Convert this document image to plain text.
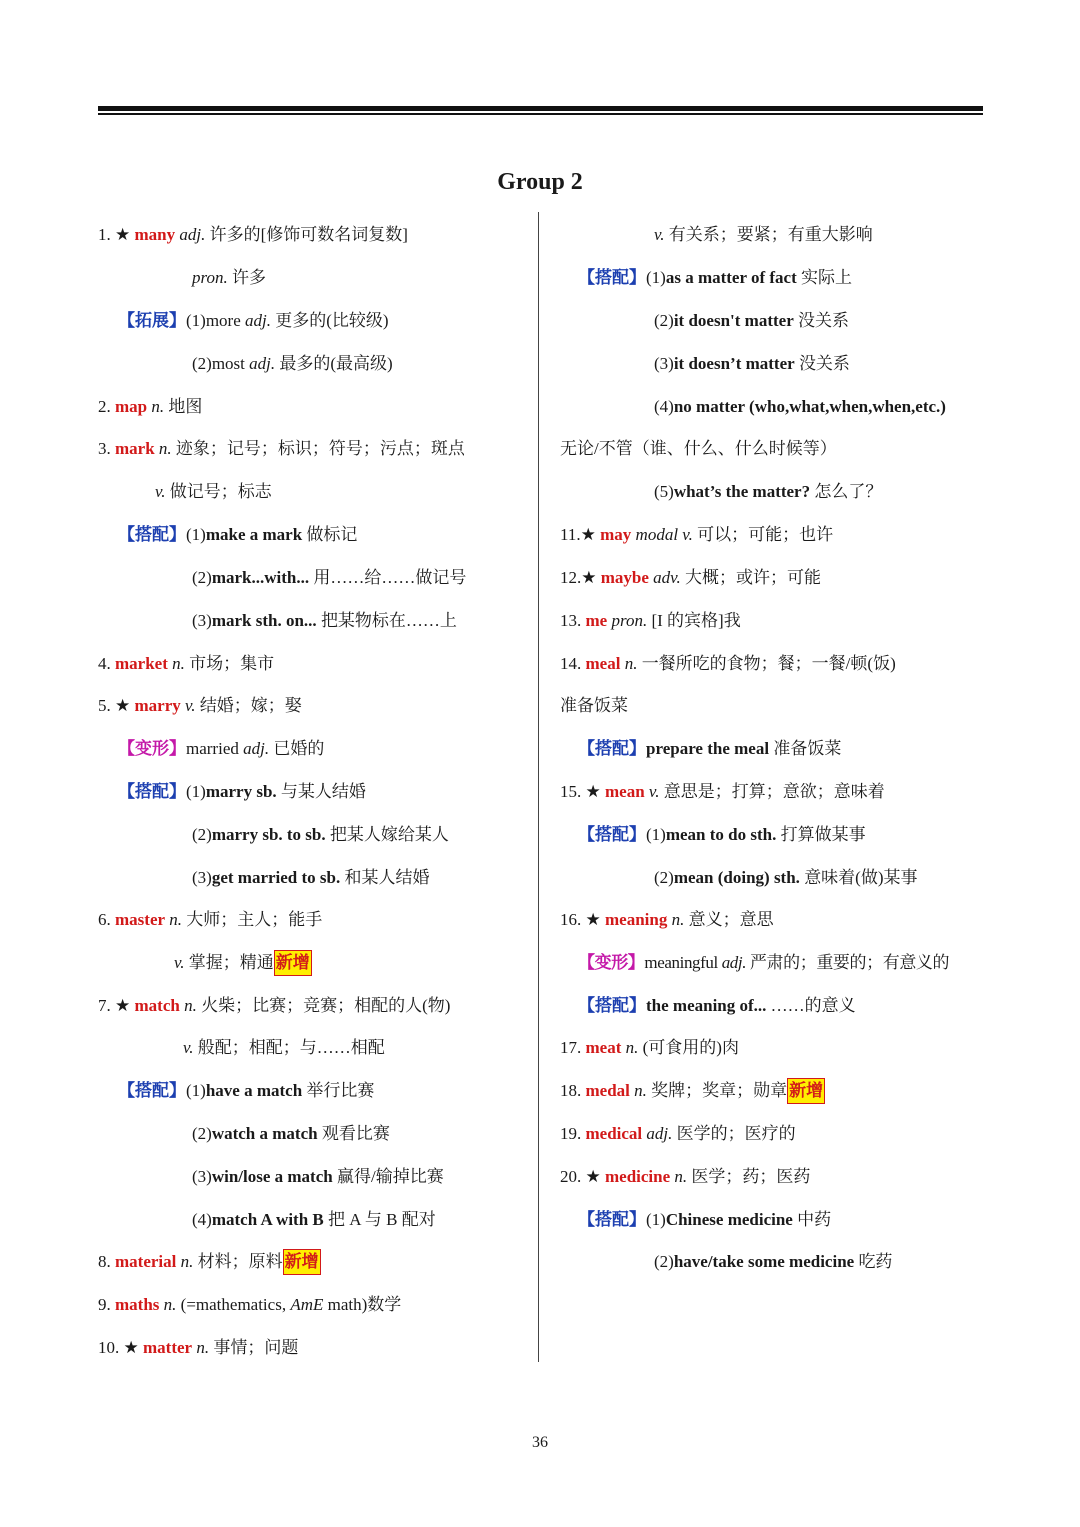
Group 2
1. ★ many adj. 许多的[修饰可数名词复数]
pron. 许多
【拓展】(1)more adj. 更多的(比较级)
(2)most adj. 最多的(最高级)
2. map n. 地图
3. mark n. 迹象；记号；标识；符号；污点；斑点
v. 做记号；标志
【搭配】(1)make a mark 做标记
(2)mark...with... 用……给……做记号
(3)mark sth. on... 把某物标在……上
4. market n. 市场；集市
5. ★ marry v. 结婚；嫁；娶
【变形】married adj. 已婚的
【搭配】(1)marry sb. 与某人结婚
(2)marry sb. to sb. 把某人嫁给某人
(3)get married to sb. 和某人结婚
6. master n. 大师；主人；能手
v. 掌握；精通 新增
7. ★ match n. 火柴；比赛；竞赛；相配的人(物)
v. 般配；相配；与……相配
【搭配】(1)have a match 举行比赛
(2)watch a match 观看比赛
(3)win/lose a match 赢得/输掉比赛
(4)match A with B 把 A 与 B 配对
8. material n. 材料；原料 新增
9. maths n. (=mathematics, AmE math)数学
10. ★ matter n. 事情；问题
v. 有关系；要紧；有重大影响
【搭配】(1)as a matter of fact 实际上
(2)it doesn't matter 没关系
(3)it doesn’t matter 没关系
(4)no matter (who,what,when,when,etc.)
无论/不管（谁、什么、什么时候等）
(5)what’s the matter? 怎么了？
11.★ may modal v. 可以；可能；也许
12.★ maybe adv. 大概；或许；可能
13. me pron. [I 的宾格]我
14. meal n. 一餐所吃的食物；餐；一餐/顿(饭)
准备饭菜
【搭配】prepare the meal 准备饭菜
15. ★ mean v. 意思是；打算；意欲；意味着
【搭配】(1)mean to do sth. 打算做某事
(2)mean (doing) sth. 意味着(做)某事
16. ★ meaning n. 意义；意思
【变形】meaningful adj. 严肃的；重要的；有意义的
【搭配】the meaning of... ……的意义
17. meat n. (可食用的)肉
18. medal n. 奖牌；奖章；勋章 新增
19. medical adj. 医学的；医疗的
20. ★ medicine n. 医学；药；医药
【搭配】(1)Chinese medicine 中药
(2)have/take some medicine 吃药
36
